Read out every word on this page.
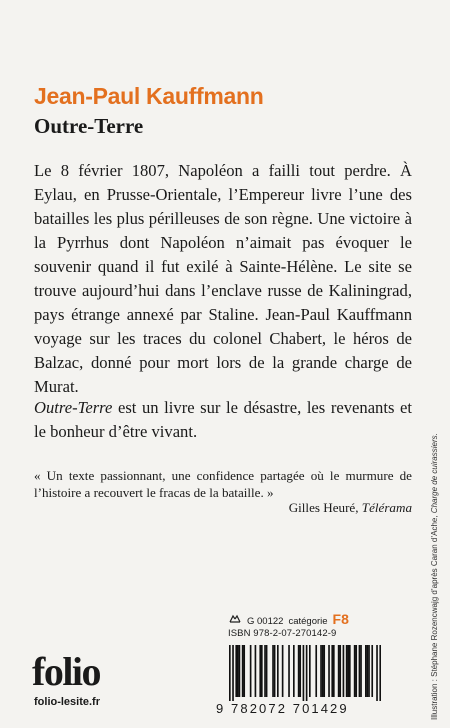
Jean-Paul Kauffmann
Outre-Terre

Le 8 février 1807, Napoléon a failli tout perdre. À Eylau, en Prusse-Orientale, l’Empereur livre l’une des batailles les plus périlleuses de son règne. Une victoire à la Pyrrhus dont Napoléon n’aimait pas évoquer le souvenir quand il fut exilé à Sainte-Hélène. Le site se trouve aujourd’hui dans l’enclave russe de Kaliningrad, pays étrange annexé par Staline. Jean-Paul Kauffmann voyage sur les traces du colonel Chabert, le héros de Balzac, donné pour mort lors de la grande charge de Murat.

Outre-Terre est un livre sur le désastre, les revenants et le bonheur d’être vivant.

« Un texte passionnant, une confidence partagée où le murmure de l’histoire a recouvert le fracas de la bataille. »

Gilles Heuré, Télérama

Illustration : Stéphane Rozencwajg d’après Caran d’Ache, Charge de cuirassiers.

G 00122 catégorie F8
ISBN 978-2-07-270142-9
9 782072 701429
folio
folio-lesite.fr
